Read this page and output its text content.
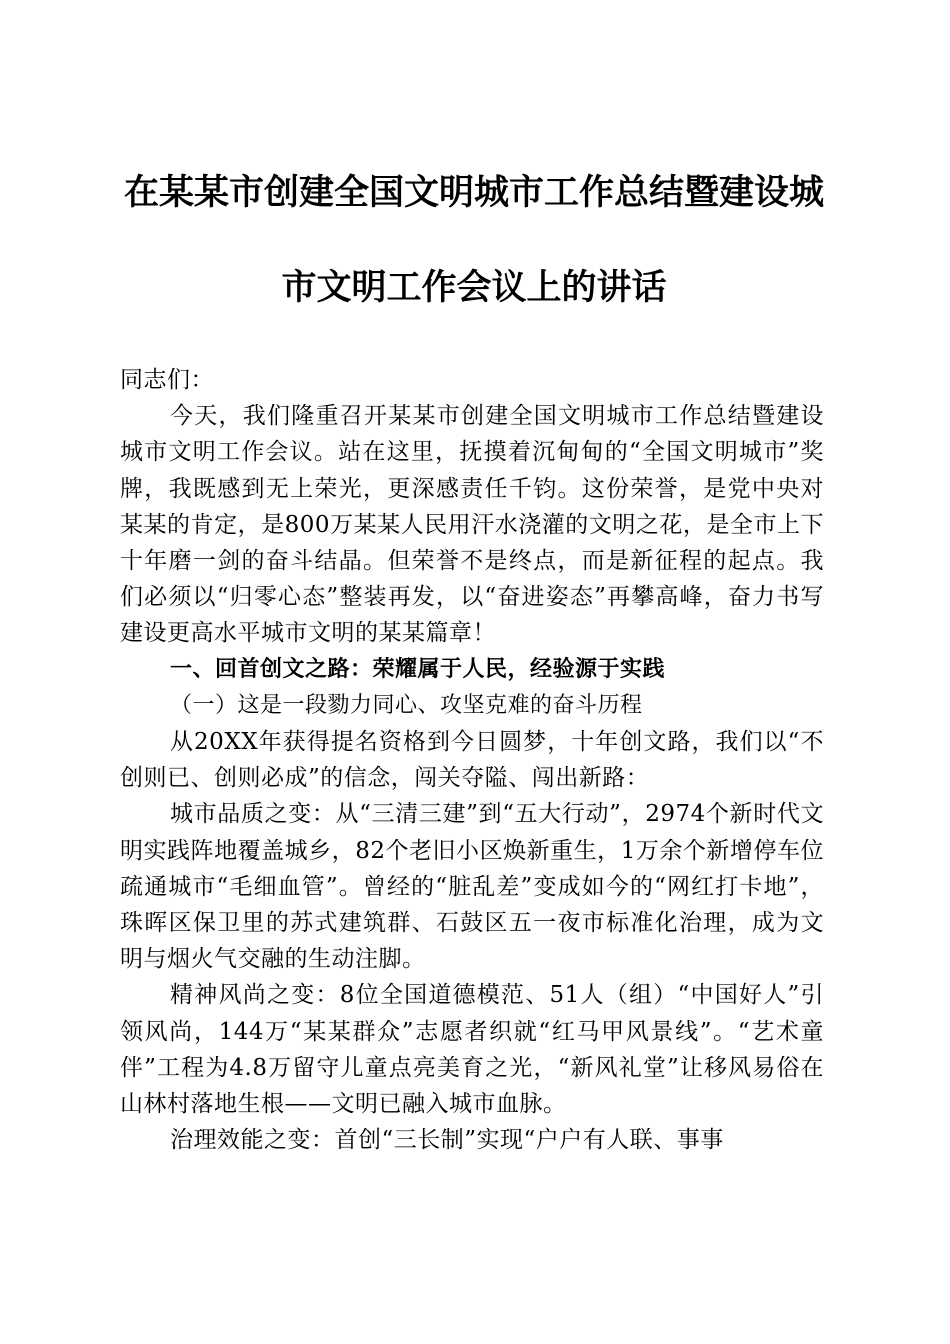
在某某市创建全国文明城市工作总结暨建设城
市文明工作会议上的讲话

同志们：

今天，我们隆重召开某某市创建全国文明城市工作总结暨建设城市文明工作会议。站在这里，抚摸着沉甸甸的“全国文明城市”奖牌，我既感到无上荣光，更深感责任千钧。这份荣誉，是党中央对某某的肯定，是800万某某人民用汗水浇灌的文明之花，是全市上下十年磨一剑的奋斗结晶。但荣誉不是终点，而是新征程的起点。我们必须以“归零心态”整装再发，以“奋进姿态”再攀高峰，奋力书写建设更高水平城市文明的某某篇章！

一、回首创文之路：荣耀属于人民，经验源于实践

（一）这是一段勠力同心、攻坚克难的奋斗历程

从20XX年获得提名资格到今日圆梦，十年创文路，我们以“不创则已、创则必成”的信念，闯关夺隘、闯出新路：

城市品质之变：从“三清三建”到“五大行动”，2974个新时代文明实践阵地覆盖城乡，82个老旧小区焕新重生，1万余个新增停车位疏通城市“毛细血管”。曾经的“脏乱差”变成如今的“网红打卡地”，珠晖区保卫里的苏式建筑群、石鼓区五一夜市标准化治理，成为文明与烟火气交融的生动注脚。

精神风尚之变：8位全国道德模范、51人（组）“中国好人”引领风尚，144万“某某群众”志愿者织就“红马甲风景线”。“艺术童伴”工程为4.8万留守儿童点亮美育之光，“新风礼堂”让移风易俗在山林村落地生根——文明已融入城市血脉。

治理效能之变：首创“三长制”实现“户户有人联、事事
